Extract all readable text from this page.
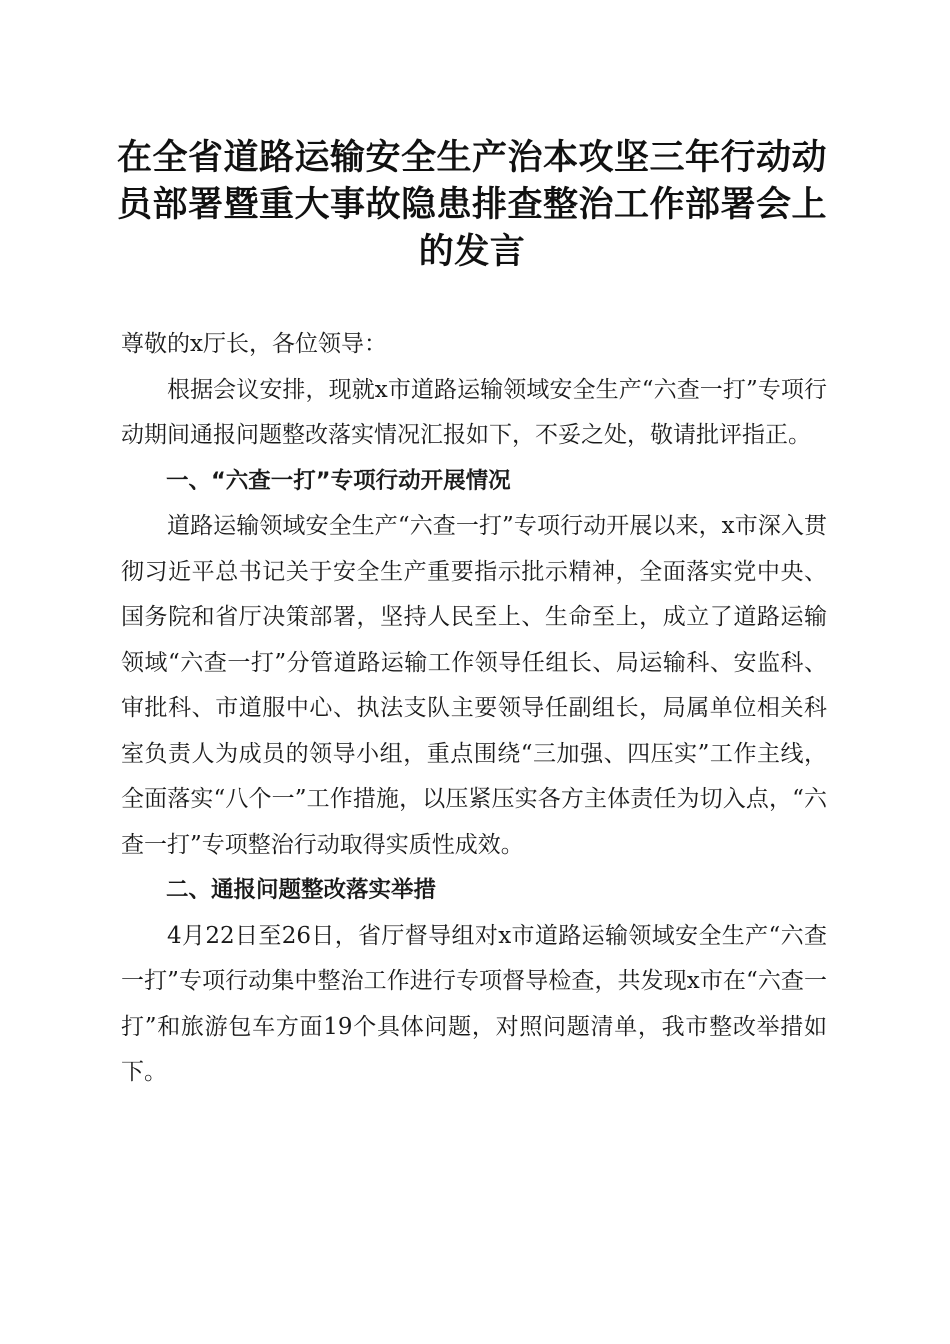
在全省道路运输安全生产治本攻坚三年行动动员部署暨重大事故隐患排查整治工作部署会上的发言

尊敬的x厅长，各位领导：

根据会议安排，现就x市道路运输领域安全生产“六查一打”专项行动期间通报问题整改落实情况汇报如下，不妥之处，敬请批评指正。

一、“六查一打”专项行动开展情况

道路运输领域安全生产“六查一打”专项行动开展以来，x市深入贯彻习近平总书记关于安全生产重要指示批示精神，全面落实党中央、国务院和省厅决策部署，坚持人民至上、生命至上，成立了道路运输领域“六查一打”分管道路运输工作领导任组长、局运输科、安监科、审批科、市道服中心、执法支队主要领导任副组长，局属单位相关科室负责人为成员的领导小组，重点围绕“三加强、四压实”工作主线，全面落实“八个一”工作措施，以压紧压实各方主体责任为切入点，“六查一打”专项整治行动取得实质性成效。

二、通报问题整改落实举措

4月22日至26日，省厅督导组对x市道路运输领域安全生产“六查一打”专项行动集中整治工作进行专项督导检查，共发现x市在“六查一打”和旅游包车方面19个具体问题，对照问题清单，我市整改举措如下。
